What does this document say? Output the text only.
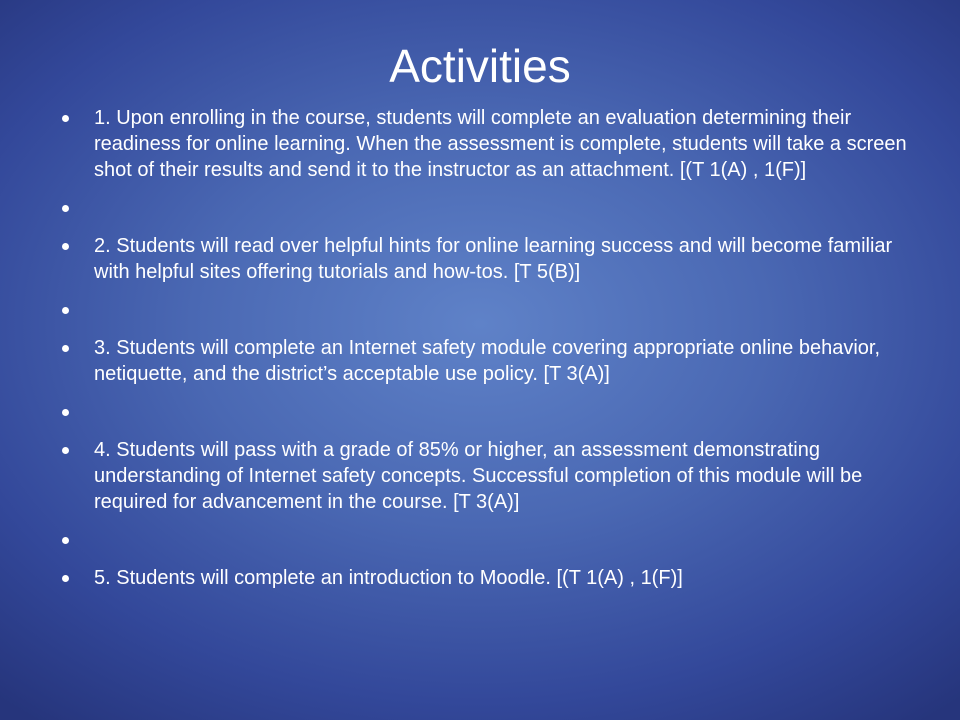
Activities
1. Upon enrolling in the course, students will complete an evaluation determining their readiness for online learning. When the assessment is complete, students will take a screen shot of their results and send it to the instructor as an attachment. [(T 1(A) , 1(F)]
2. Students will read over helpful hints for online learning success and will become familiar with helpful sites offering tutorials and how-tos. [T 5(B)]
3. Students will complete an Internet safety module covering appropriate online behavior, netiquette, and the district’s acceptable use policy. [T 3(A)]
4. Students will pass with a grade of 85% or higher, an assessment demonstrating understanding of Internet safety concepts. Successful completion of this module will be required for advancement in the course. [T 3(A)]
5. Students will complete an introduction to Moodle. [(T 1(A) , 1(F)]
